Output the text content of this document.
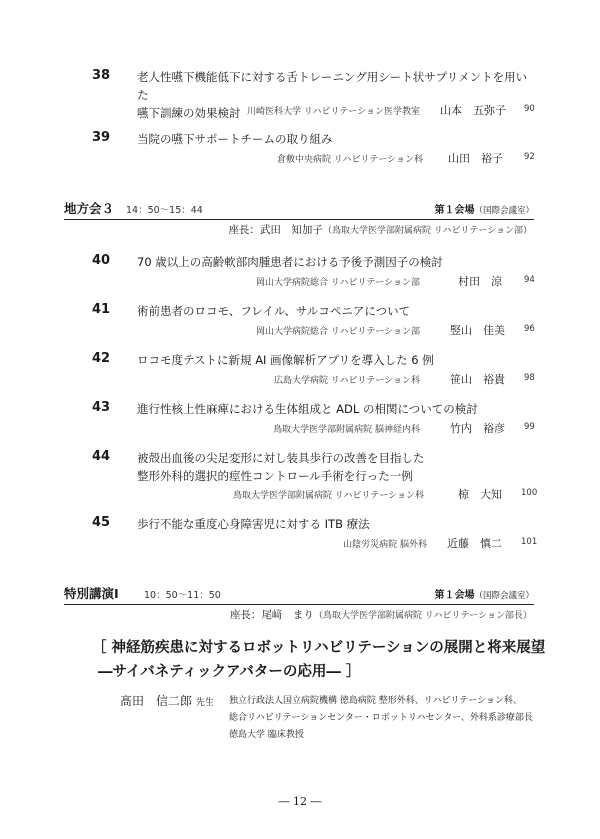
38	老人性嚥下機能低下に対する舌トレーニング用シート状サプリメントを用いた
嚥下訓練の効果検討 川崎医科大学 リハビリテーション医学教室 山本　五弥子 90
39	当院の嚥下サポートチームの取り組み
倉敷中央病院 リハビリテーション科 山田　裕子 92
地方会３ 14：50〜15：44	第１会場（国際会議室）
座長：武田　知加子（鳥取大学医学部附属病院 リハビリテーション部）
40	70 歳以上の高齢軟部肉腫患者における予後予測因子の検討
岡山大学病院総合 リハビリテーション部	村田　涼	94
41	術前患者のロコモ、フレイル、サルコペニアについて
岡山大学病院総合 リハビリテーション部	竪山　佳美 96
42	ロコモ度テストに新規 AI 画像解析アプリを導入した 6 例
広島大学病院 リハビリテーション科	笹山　裕貴 98
43	進行性核上性麻痺における生体組成と ADL の相関についての検討
鳥取大学医学部附属病院 脳神経内科	竹内　裕彦 99
44	被殻出血後の尖足変形に対し装具歩行の改善を目指した
整形外科的選択的痙性コントロール手術を行った一例
鳥取大学医学部附属病院 リハビリテーション科	椋　大知 100
45	歩行不能な重度心身障害児に対する ITB 療法
山陰労災病院 脳外科 近藤　慎二 101
特別講演Ⅰ	10：50〜11：50	第１会場（国際会議室）
座長：尾﨑　まり（鳥取大学医学部附属病院 リハビリテーション部長）
［ 神経筋疾患に対するロボットリハビリテーションの展開と将来展望
―サイバネティックアバターの応用― ］
髙田　信二郎 先生 独立行政法人国立病院機構 徳島病院 整形外科、リハビリテーション科、
総合リハビリテーションセンター・ロボットリハセンター、外科系診療部長
徳島大学 臨床教授
― 12 ―
